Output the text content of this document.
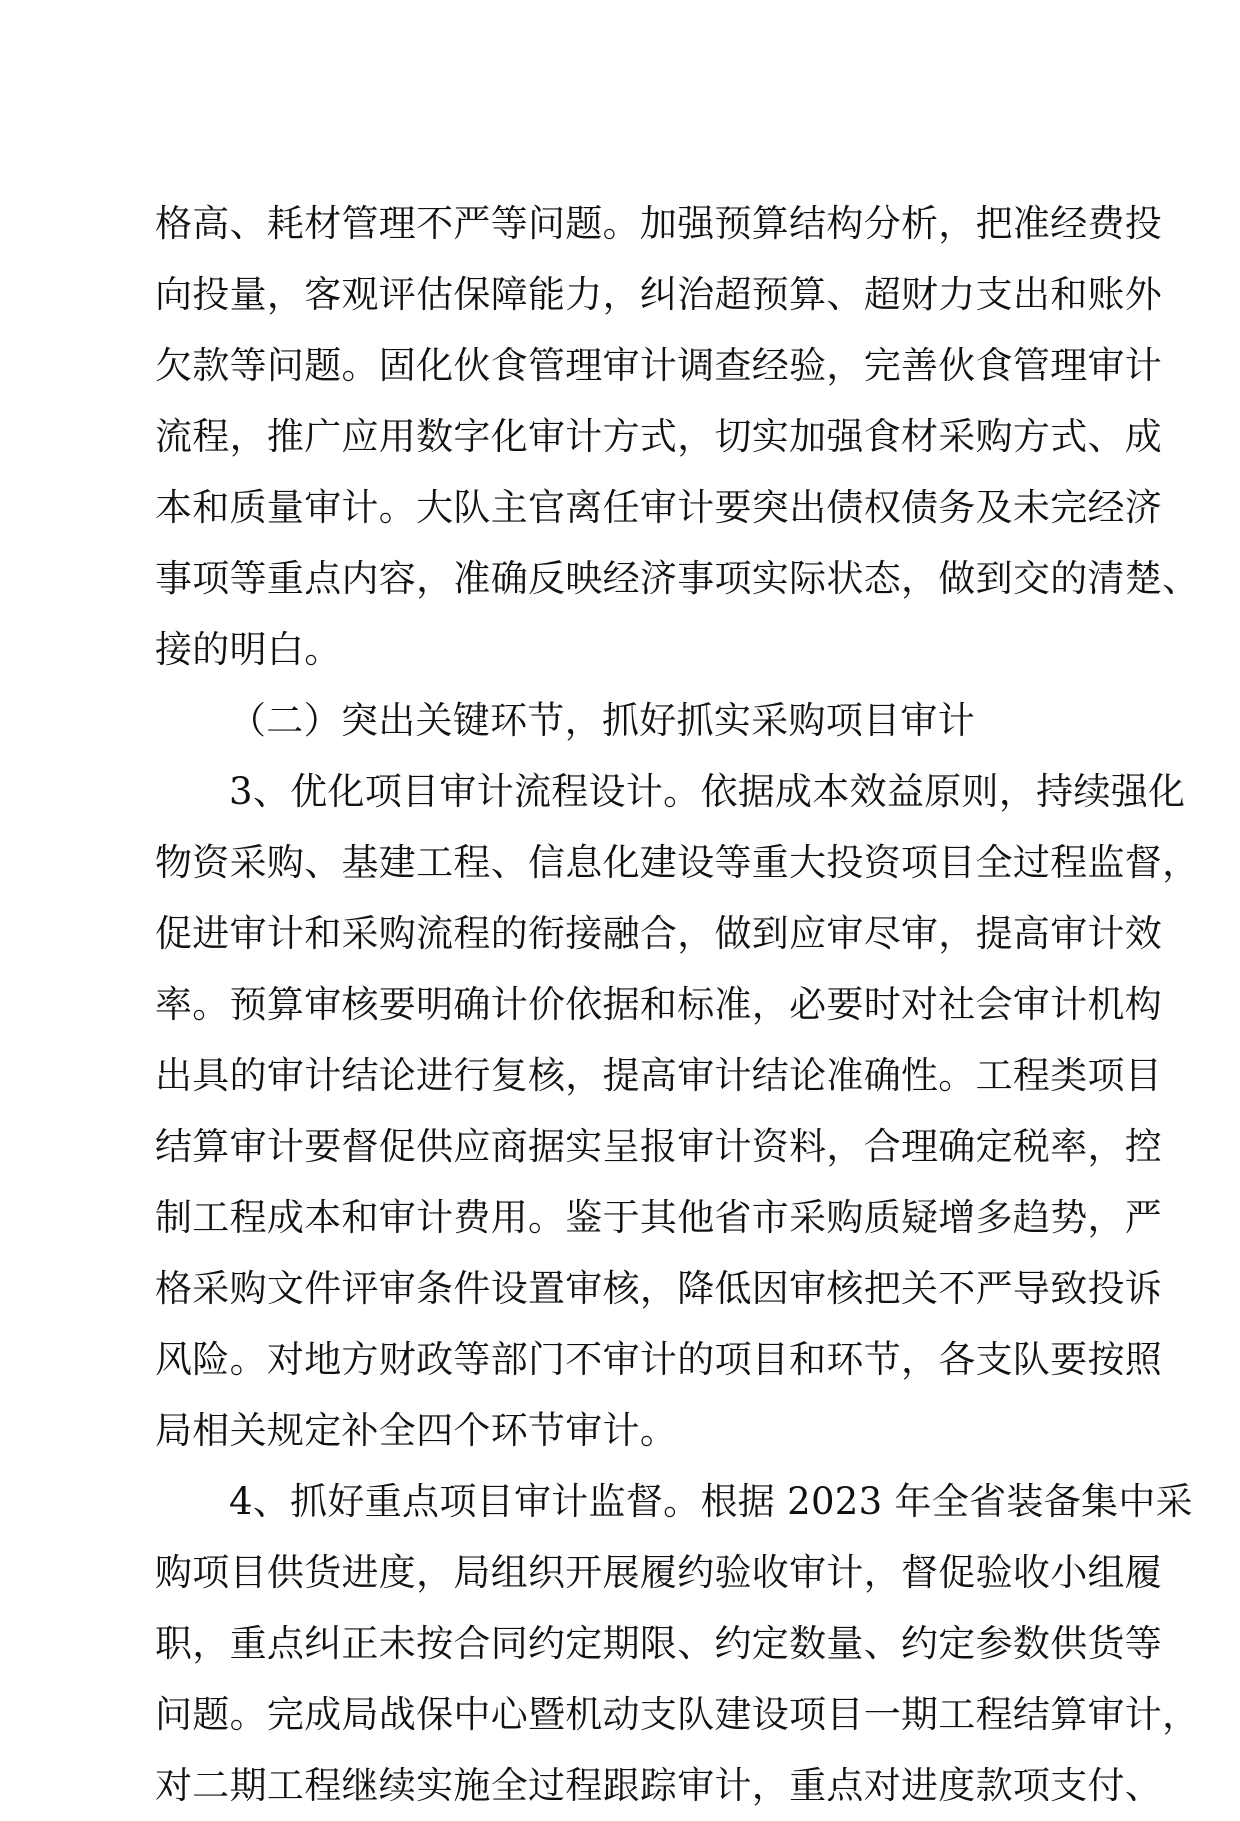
格高、耗材管理不严等问题。加强预算结构分析，把准经费投
向投量，客观评估保障能力，纠治超预算、超财力支出和账外
欠款等问题。固化伙食管理审计调查经验，完善伙食管理审计
流程，推广应用数字化审计方式，切实加强食材采购方式、成
本和质量审计。大队主官离任审计要突出债权债务及未完经济
事项等重点内容，准确反映经济事项实际状态，做到交的清楚、
接的明白。
（二）突出关键环节，抓好抓实采购项目审计
3、优化项目审计流程设计。依据成本效益原则，持续强化
物资采购、基建工程、信息化建设等重大投资项目全过程监督，
促进审计和采购流程的衔接融合，做到应审尽审，提高审计效
率。预算审核要明确计价依据和标准，必要时对社会审计机构
出具的审计结论进行复核，提高审计结论准确性。工程类项目
结算审计要督促供应商据实呈报审计资料，合理确定税率，控
制工程成本和审计费用。鉴于其他省市采购质疑增多趋势，严
格采购文件评审条件设置审核，降低因审核把关不严导致投诉
风险。对地方财政等部门不审计的项目和环节，各支队要按照
局相关规定补全四个环节审计。
4、抓好重点项目审计监督。根据 2023 年全省装备集中采
购项目供货进度，局组织开展履约验收审计，督促验收小组履
职，重点纠正未按合同约定期限、约定数量、约定参数供货等
问题。完成局战保中心暨机动支队建设项目一期工程结算审计，
对二期工程继续实施全过程跟踪审计，重点对进度款项支付、
